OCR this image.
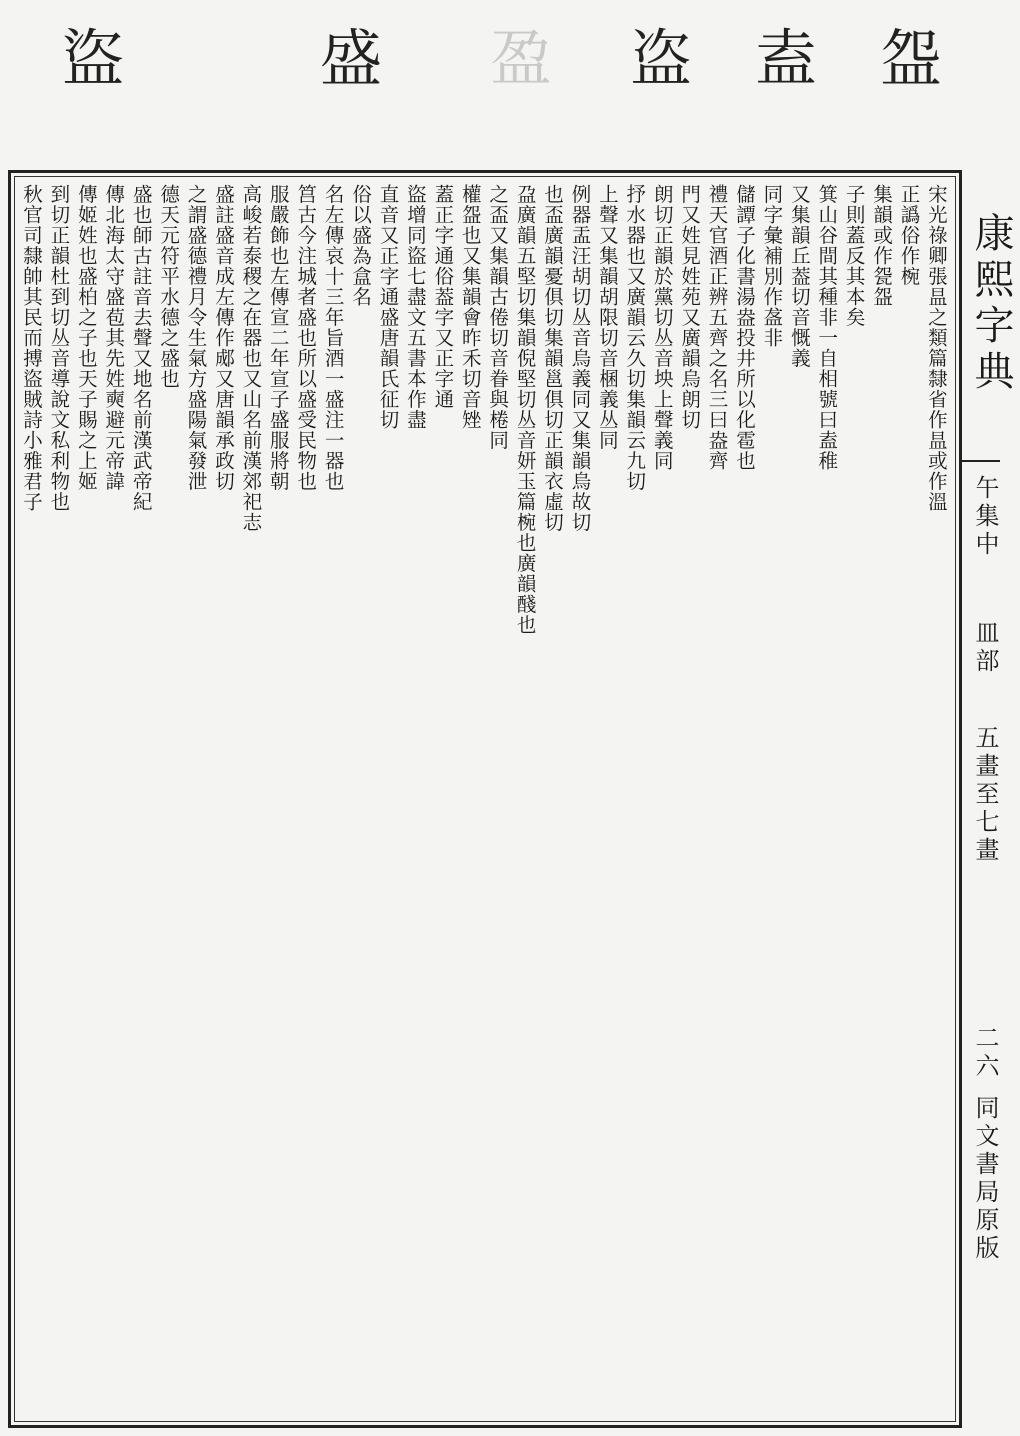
盌
盍
盗
盈
盛
盜
宋光祿卿張昷之類篇隸省作昷或作溫
正譌俗作椀
集韻或作㼝盌
子則蓋反其本矣
箕山谷間其種非一自相號曰盍稚
又集韻丘葢切音慨義
同字彙補別作盋非
儲譚子化書湯盎投井所以化雹也
禮天官酒正辨五齊之名三曰盎齊
門又姓見姓苑又廣韻烏朗切
朗切正韻於黨切丛音坱上聲義同
抒水器也又廣韻云久切集韻云九切
上聲又集韻胡限切音棞義丛同
例器盂汪胡切丛音烏義同又集韻烏故切
也盃廣韻憂俱切集韻邕俱切正韻衣虛切
盁廣韻五堅切集韻倪堅切丛音妍玉篇椀也廣韻醆也
之盃又集韻古倦切音眷與棬同
權盌也又集韻會昨禾切音矬
蓋正字通俗葢字又正字通
盜增同盜七盡文五書本作盡
直音又正字通盛唐韻氏征切
俗以盛為盒名
名左傳哀十三年旨酒一盛注一器也
筥古今注城者盛也所以盛受民物也
服嚴飾也左傳宣二年宣子盛服將朝
高峻若泰稷之在器也又山名前漢郊祀志
盛註盛音成左傳作郕又唐韻承政切
之謂盛德禮月令生氣方盛陽氣發泄
德天元符平水德之盛也
盛也師古註音去聲又地名前漢武帝紀
傳北海太守盛苞其先姓奭避元帝諱
傳姬姓也盛柏之子也天子賜之上姬
到切正韻杜到切丛音導說文私利物也
秋官司隸帥其民而搏盜賊詩小雅君子	康熙字典
午集中
皿部
五畫至七畫
二六
同文書局原版
